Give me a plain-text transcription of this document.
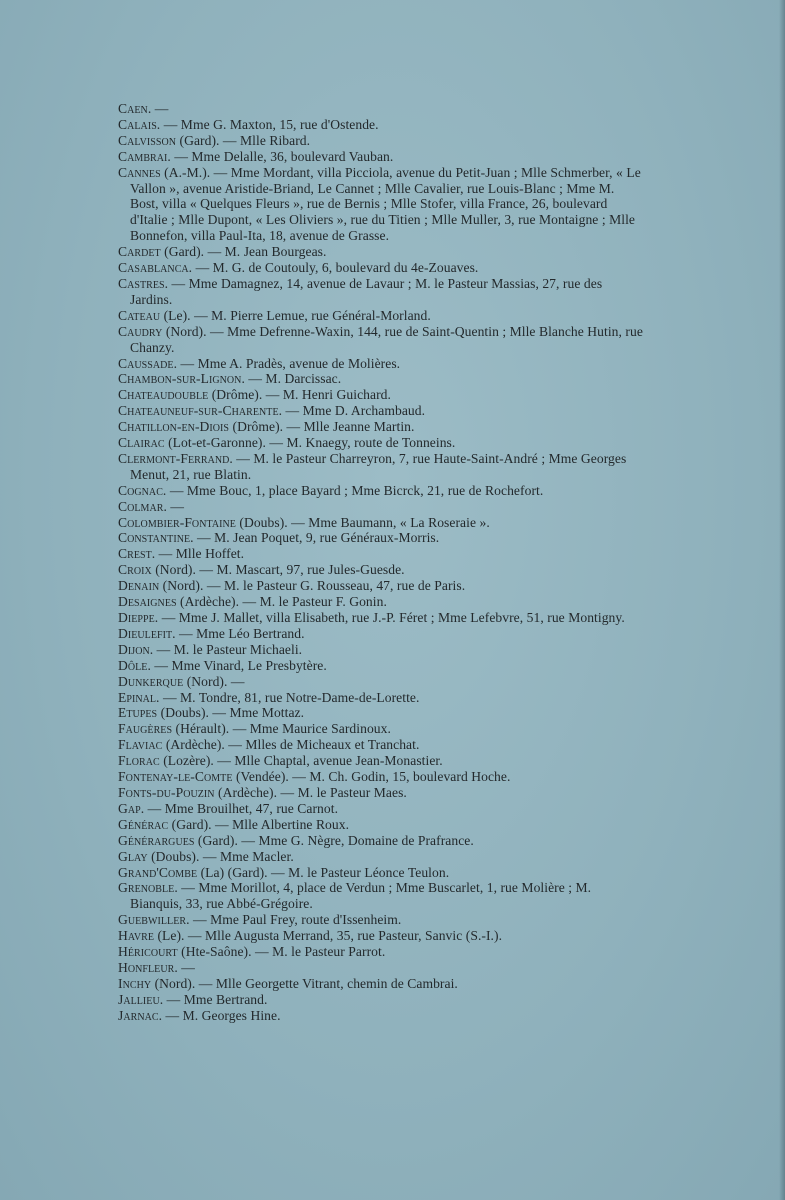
Caen. —

Calais. — Mme G. Maxton, 15, rue d'Ostende.

Calvisson (Gard). — Mlle Ribard.

Cambrai. — Mme Delalle, 36, boulevard Vauban.

Cannes (A.-M.). — Mme Mordant, villa Picciola, avenue du Petit-Juan ; Mlle Schmerber, « Le Vallon », avenue Aristide-Briand, Le Cannet ; Mlle Cavalier, rue Louis-Blanc ; Mme M. Bost, villa « Quelques Fleurs », rue de Bernis ; Mlle Stofer, villa France, 26, boulevard d'Italie ; Mlle Dupont, « Les Oliviers », rue du Titien ; Mlle Muller, 3, rue Montaigne ; Mlle Bonnefon, villa Paul-Ita, 18, avenue de Grasse.

Cardet (Gard). — M. Jean Bourgeas.

Casablanca. — M. G. de Coutouly, 6, boulevard du 4e-Zouaves.

Castres. — Mme Damagnez, 14, avenue de Lavaur ; M. le Pasteur Massias, 27, rue des Jardins.

Cateau (Le). — M. Pierre Lemue, rue Général-Morland.

Caudry (Nord). — Mme Defrenne-Waxin, 144, rue de Saint-Quentin ; Mlle Blanche Hutin, rue Chanzy.

Caussade. — Mme A. Pradès, avenue de Molières.

Chambon-sur-Lignon. — M. Darcissac.

Chateaudouble (Drôme). — M. Henri Guichard.

Chateauneuf-sur-Charente. — Mme D. Archambaud.

Chatillon-en-Diois (Drôme). — Mlle Jeanne Martin.

Clairac (Lot-et-Garonne). — M. Knaegy, route de Tonneins.

Clermont-Ferrand. — M. le Pasteur Charreyron, 7, rue Haute-Saint-André ; Mme Georges Menut, 21, rue Blatin.

Cognac. — Mme Bouc, 1, place Bayard ; Mme Bicrck, 21, rue de Rochefort.

Colmar. —

Colombier-Fontaine (Doubs). — Mme Baumann, « La Roseraie ».

Constantine. — M. Jean Poquet, 9, rue Généraux-Morris.

Crest. — Mlle Hoffet.

Croix (Nord). — M. Mascart, 97, rue Jules-Guesde.

Denain (Nord). — M. le Pasteur G. Rousseau, 47, rue de Paris.

Desaignes (Ardèche). — M. le Pasteur F. Gonin.

Dieppe. — Mme J. Mallet, villa Elisabeth, rue J.-P. Féret ; Mme Lefebvre, 51, rue Montigny.

Dieulefit. — Mme Léo Bertrand.

Dijon. — M. le Pasteur Michaeli.

Dôle. — Mme Vinard, Le Presbytère.

Dunkerque (Nord). —

Epinal. — M. Tondre, 81, rue Notre-Dame-de-Lorette.

Etupes (Doubs). — Mme Mottaz.

Faugères (Hérault). — Mme Maurice Sardinoux.

Flaviac (Ardèche). — Mlles de Micheaux et Tranchat.

Florac (Lozère). — Mlle Chaptal, avenue Jean-Monastier.

Fontenay-le-Comte (Vendée). — M. Ch. Godin, 15, boulevard Hoche.

Fonts-du-Pouzin (Ardèche). — M. le Pasteur Maes.

Gap. — Mme Brouilhet, 47, rue Carnot.

Générac (Gard). — Mlle Albertine Roux.

Générargues (Gard). — Mme G. Nègre, Domaine de Prafrance.

Glay (Doubs). — Mme Macler.

Grand'Combe (La) (Gard). — M. le Pasteur Léonce Teulon.

Grenoble. — Mme Morillot, 4, place de Verdun ; Mme Buscarlet, 1, rue Molière ; M. Bianquis, 33, rue Abbé-Grégoire.

Guebwiller. — Mme Paul Frey, route d'Issenheim.

Havre (Le). — Mlle Augusta Merrand, 35, rue Pasteur, Sanvic (S.-I.).

Héricourt (Hte-Saône). — M. le Pasteur Parrot.

Honfleur. —

Inchy (Nord). — Mlle Georgette Vitrant, chemin de Cambrai.

Jallieu. — Mme Bertrand.

Jarnac. — M. Georges Hine.
